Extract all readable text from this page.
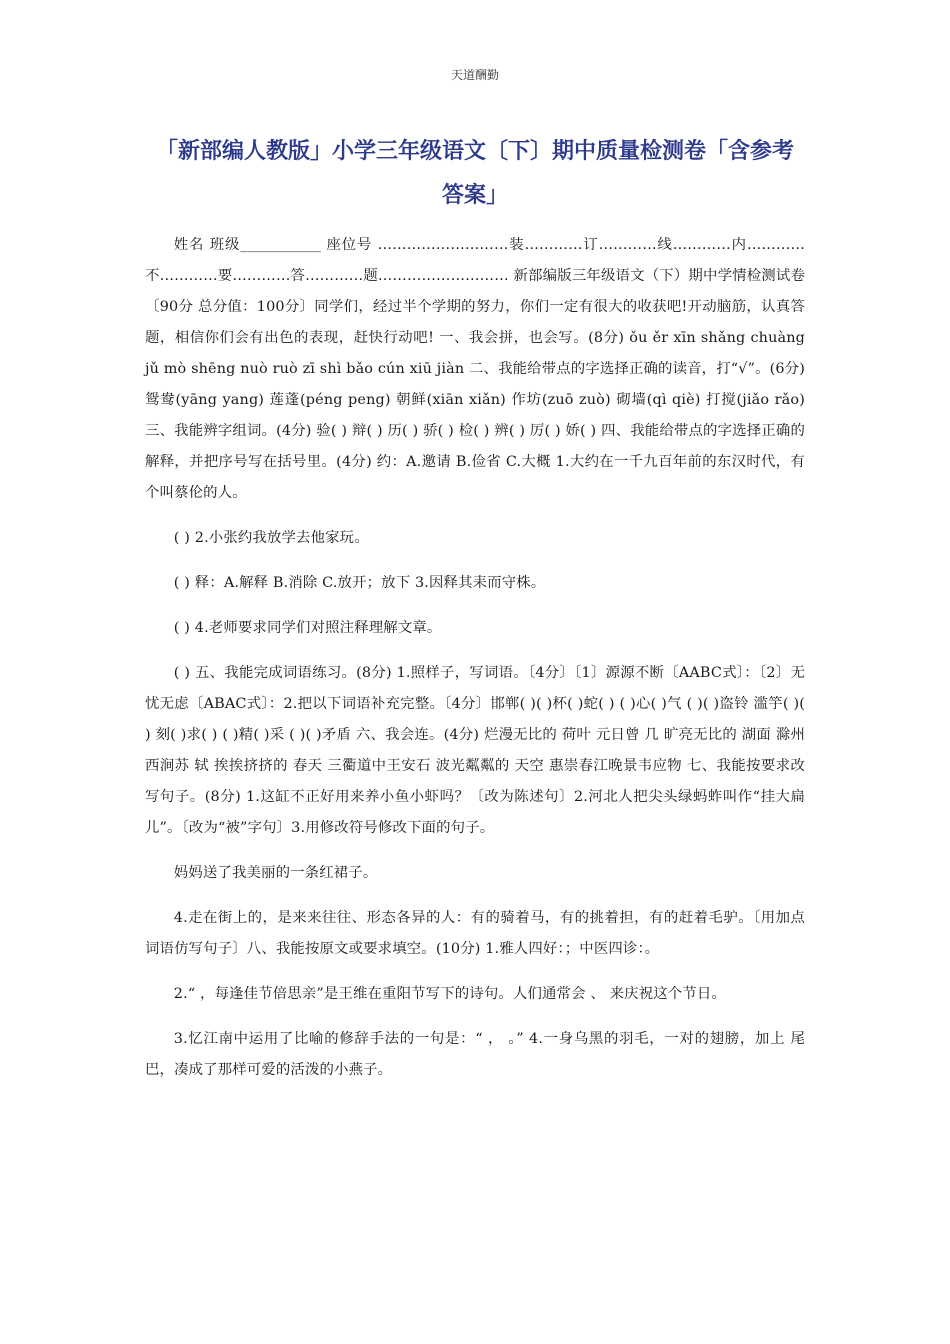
天道酬勤
「新部编人教版」小学三年级语文〔下〕期中质量检测卷「含参考答案」

姓名 班级___________ 座位号 ………………………装…………订…………线…………内…………不…………要…………答…………题……………………… 新部编版三年级语文（下）期中学情检测试卷 〔90分 总分值：100分〕同学们，经过半个学期的努力，你们一定有很大的收获吧!开动脑筋，认真答题，相信你们会有出色的表现，赶快行动吧! 一、我会拼，也会写。(8分) ǒu ěr xīn shǎng chuàng jǔ mò shēng nuò ruò zī shì bǎo cún xiū jiàn 二、我能给带点的字选择正确的读音，打“√”。(6分) 鸳鸯(yāng yang) 莲蓬(péng peng) 朝鲜(xiān xiǎn) 作坊(zuō zuò) 砌墙(qì qiè) 打搅(jiǎo rǎo) 三、我能辨字组词。(4分) 验( ) 辩( ) 历( ) 骄( ) 检( ) 辨( ) 厉( ) 娇( ) 四、我能给带点的字选择正确的解释，并把序号写在括号里。(4分) 约：A.邀请 B.俭省 C.大概 1.大约在一千九百年前的东汉时代，有个叫蔡伦的人。

( ) 2.小张约我放学去他家玩。

( ) 释：A.解释 B.消除 C.放开；放下 3.因释其耒而守株。

( ) 4.老师要求同学们对照注释理解文章。

( ) 五、我能完成词语练习。(8分) 1.照样子，写词语。〔4分〕〔1〕源源不断〔AABC式〕：〔2〕无忧无虑〔ABAC式〕：2.把以下词语补充完整。〔4分〕邯郸( )( )杯( )蛇( ) ( )心( )气 ( )( )盗铃 滥竽( )( ) 刻( )求( ) ( )精( )采 ( )( )矛盾 六、我会连。(4分) 烂漫无比的 荷叶 元日曾 几 旷亮无比的 湖面 滁州西涧苏 轼 挨挨挤挤的 春天 三衢道中王安石 波光粼粼的 天空 惠崇春江晚景韦应物 七、我能按要求改写句子。(8分) 1.这缸不正好用来养小鱼小虾吗？〔改为陈述句〕2.河北人把尖头绿蚂蚱叫作“挂大扁儿”。〔改为“被”字句〕3.用修改符号修改下面的句子。

妈妈送了我美丽的一条红裙子。

4.走在街上的，是来来往往、形态各异的人：有的骑着马，有的挑着担，有的赶着毛驴。〔用加点词语仿写句子〕八、我能按原文或要求填空。(10分) 1.雅人四好：；中医四诊：。

2.“ ，每逢佳节倍思亲”是王维在重阳节写下的诗句。人们通常会 、 来庆祝这个节日。

3.忆江南中运用了比喻的修辞手法的一句是：“ ， 。” 4.一身乌黑的羽毛，一对的翅膀，加上 尾巴，凑成了那样可爱的活泼的小燕子。
